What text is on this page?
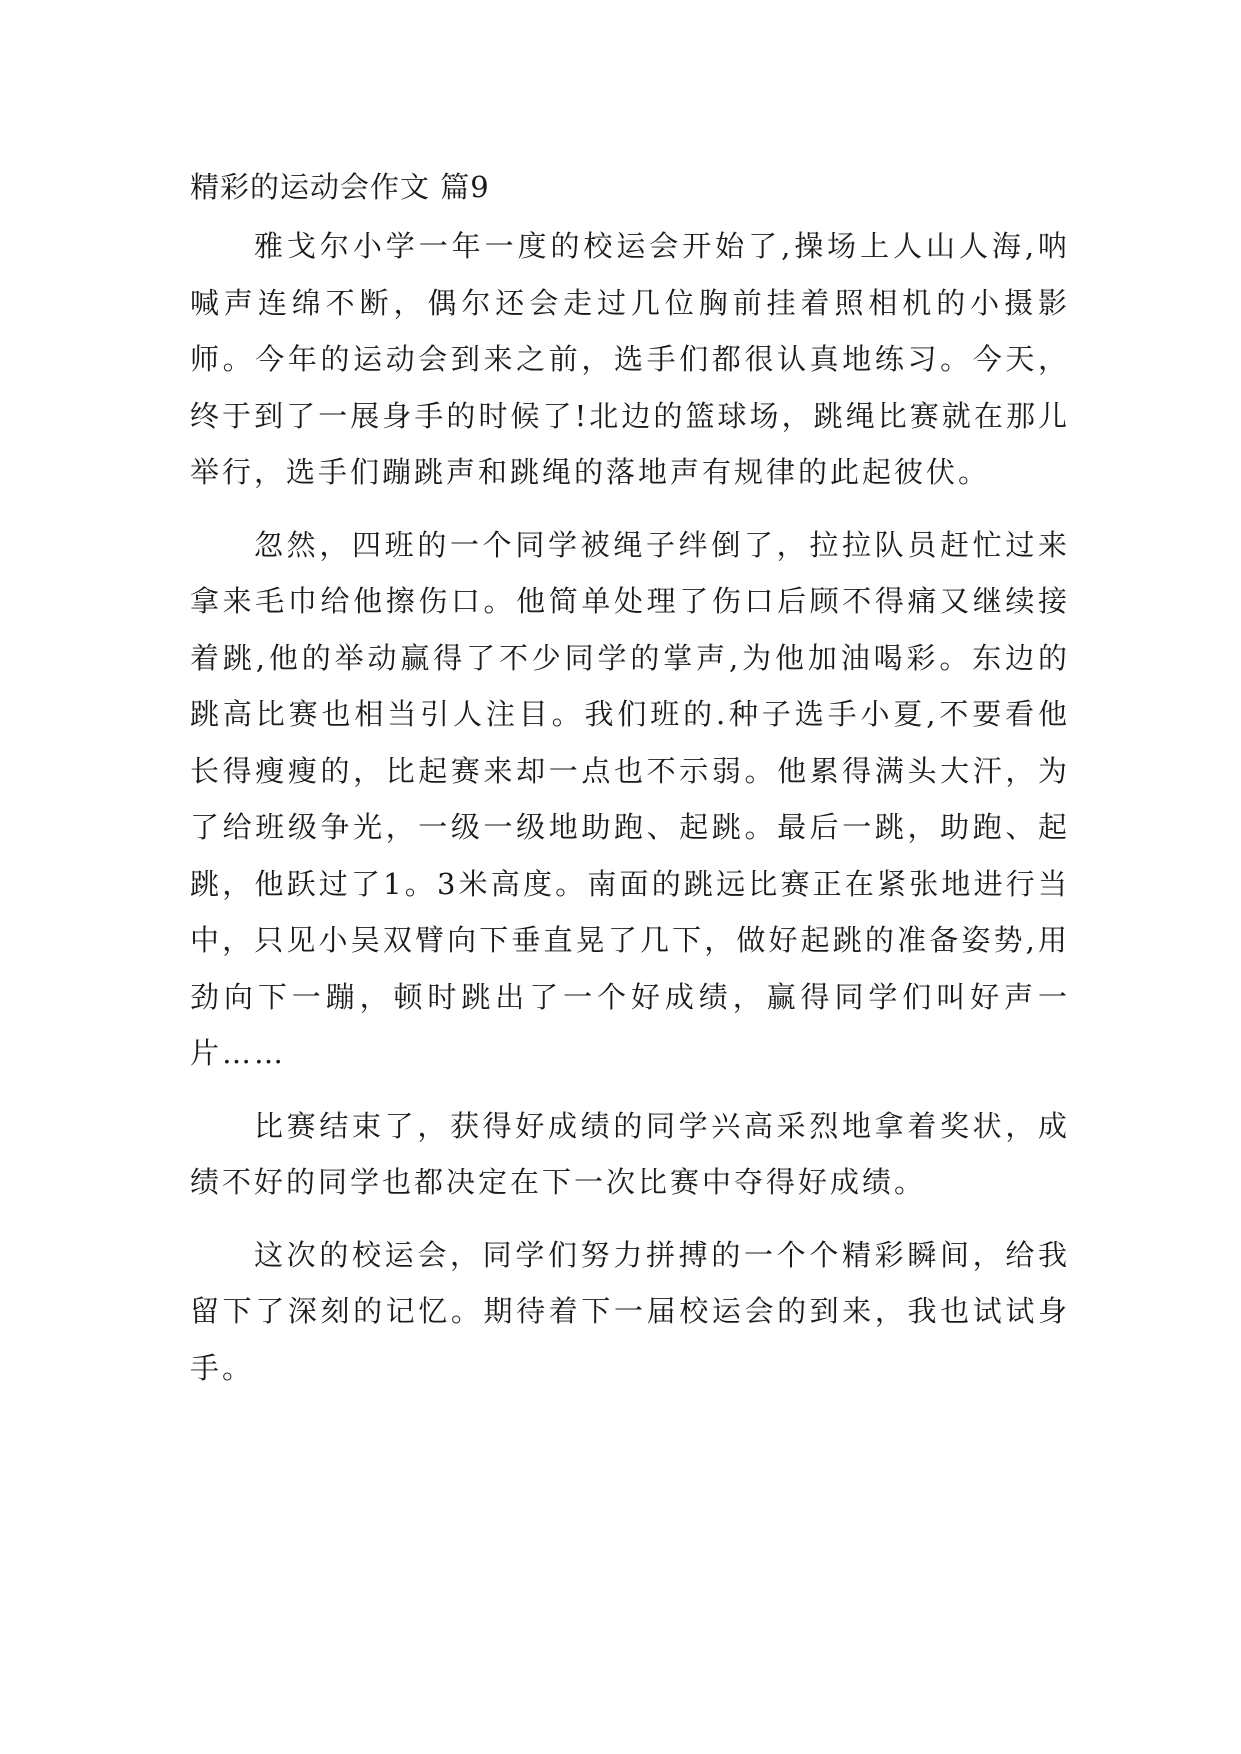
精彩的运动会作文 篇9

雅戈尔小学一年一度的校运会开始了,操场上人山人海,呐喊声连绵不断，偶尔还会走过几位胸前挂着照相机的小摄影师。今年的运动会到来之前，选手们都很认真地练习。今天，终于到了一展身手的时候了!北边的篮球场，跳绳比赛就在那儿举行，选手们蹦跳声和跳绳的落地声有规律的此起彼伏。

忽然，四班的一个同学被绳子绊倒了，拉拉队员赶忙过来拿来毛巾给他擦伤口。他简单处理了伤口后顾不得痛又继续接着跳,他的举动赢得了不少同学的掌声,为他加油喝彩。东边的跳高比赛也相当引人注目。我们班的.种子选手小夏,不要看他长得瘦瘦的，比起赛来却一点也不示弱。他累得满头大汗，为了给班级争光，一级一级地助跑、起跳。最后一跳，助跑、起跳，他跃过了1。3米高度。南面的跳远比赛正在紧张地进行当中，只见小吴双臂向下垂直晃了几下，做好起跳的准备姿势,用劲向下一蹦，顿时跳出了一个好成绩，赢得同学们叫好声一片……

比赛结束了，获得好成绩的同学兴高采烈地拿着奖状，成绩不好的同学也都决定在下一次比赛中夺得好成绩。

这次的校运会，同学们努力拼搏的一个个精彩瞬间，给我留下了深刻的记忆。期待着下一届校运会的到来，我也试试身手。
